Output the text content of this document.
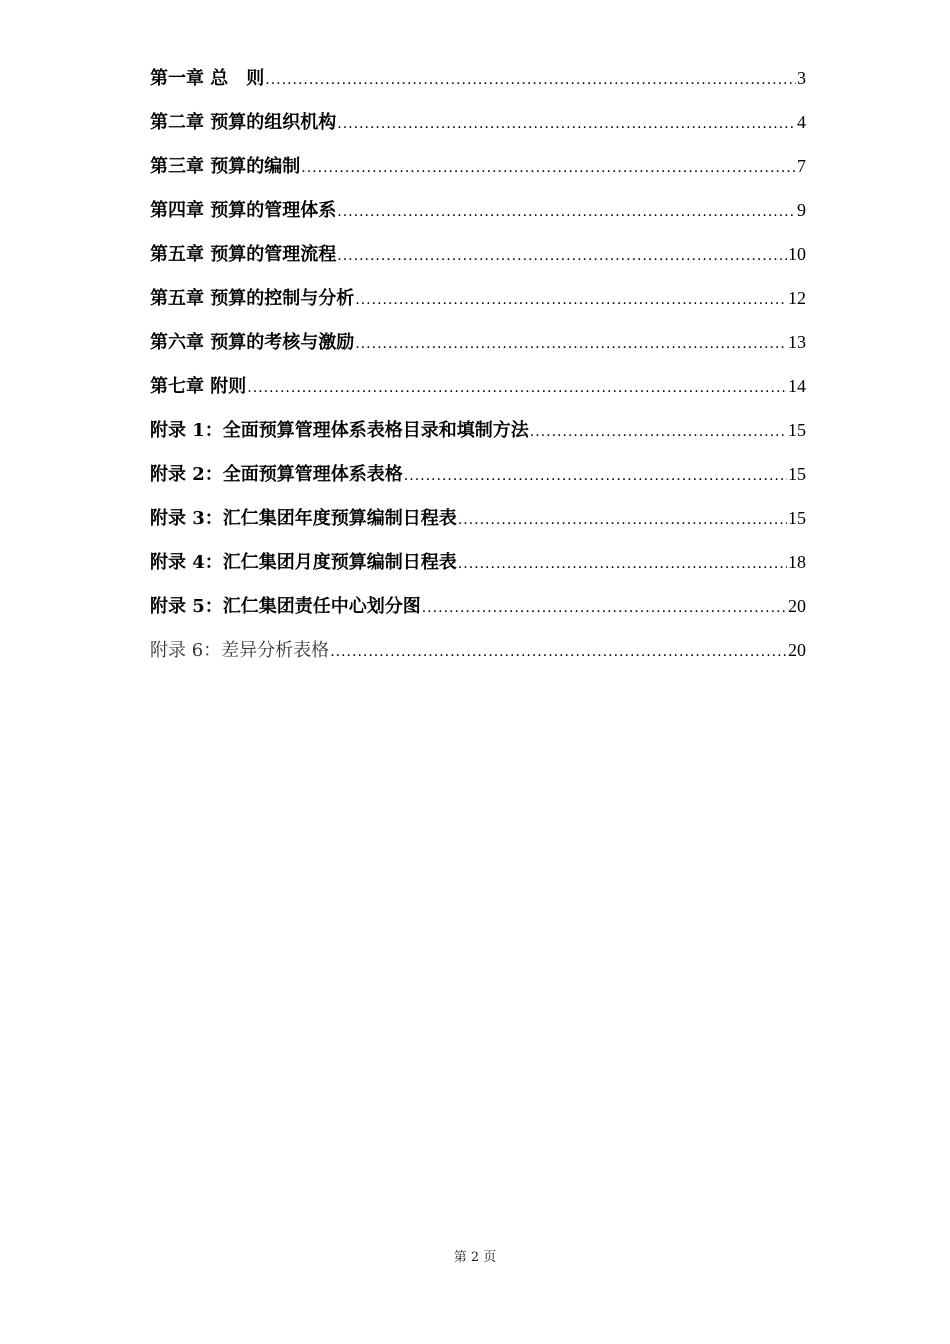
第一章 总　则 .....	3
第二章 预算的组织机构 .....	4
第三章 预算的编制 .....	7
第四章 预算的管理体系 .....	9
第五章 预算的管理流程 .....	10
第五章 预算的控制与分析 .....	12
第六章 预算的考核与激励 .....	13
第七章 附则 .....	14
附录 1：全面预算管理体系表格目录和填制方法 .....	15
附录 2：全面预算管理体系表格 .....	15
附录 3：汇仁集团年度预算编制日程表 .....	15
附录 4：汇仁集团月度预算编制日程表 .....	18
附录 5：汇仁集团责任中心划分图 .....	20
附录 6：差异分析表格 .....	20
第 2 页
